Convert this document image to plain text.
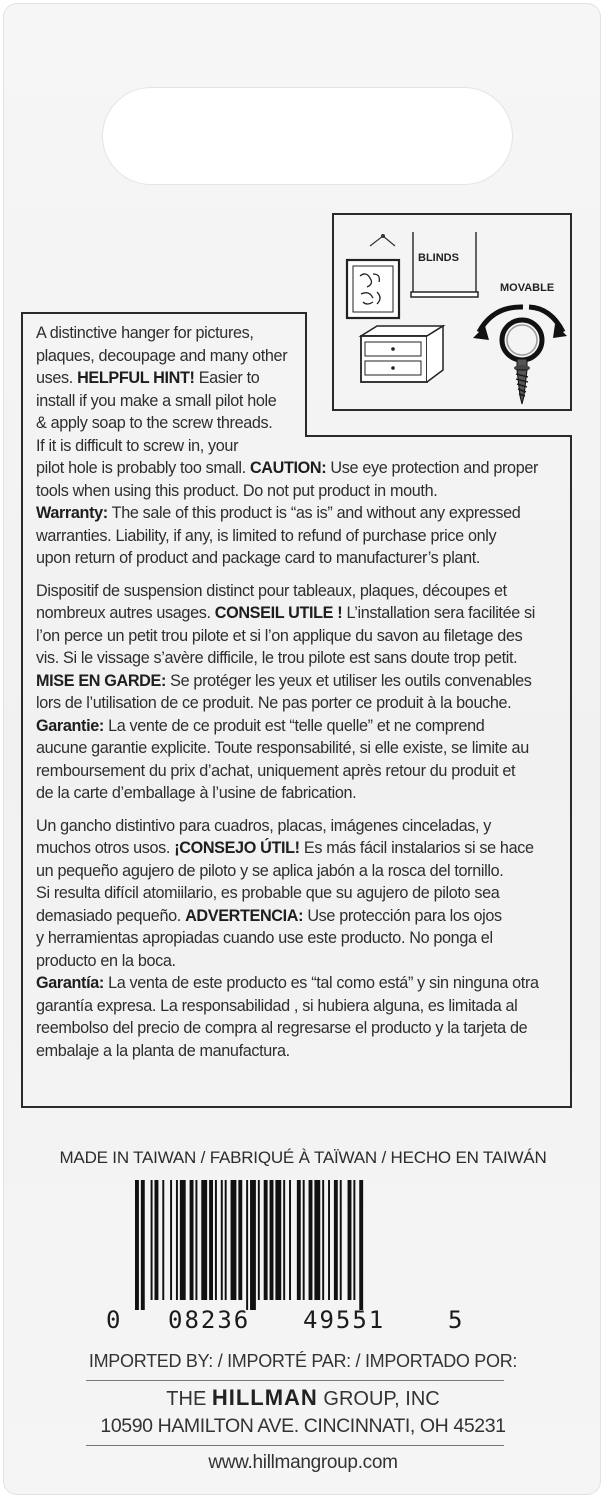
BLINDS
MOVABLE
A distinctive hanger for pictures,
plaques, decoupage and many other
uses. HELPFUL HINT! Easier to
install if you make a small pilot hole
& apply soap to the screw threads.
If it is difficult to screw in, your
pilot hole is probably too small. CAUTION: Use eye protection and proper
tools when using this product. Do not put product in mouth.
Warranty: The sale of this product is “as is” and without any expressed
warranties. Liability, if any, is limited to refund of purchase price only
upon return of product and package card to manufacturer’s plant.
Dispositif de suspension distinct pour tableaux, plaques, découpes et
nombreux autres usages. CONSEIL UTILE ! L’installation sera facilitée si
l’on perce un petit trou pilote et si l’on applique du savon au filetage des
vis. Si le vissage s’avère difficile, le trou pilote est sans doute trop petit.
MISE EN GARDE: Se protéger les yeux et utiliser les outils convenables
lors de l’utilisation de ce produit. Ne pas porter ce produit à la bouche.
Garantie: La vente de ce produit est “telle quelle” et ne comprend
aucune garantie explicite. Toute responsabilité, si elle existe, se limite au
remboursement du prix d’achat, uniquement après retour du produit et
de la carte d’emballage à l’usine de fabrication.
Un gancho distintivo para cuadros, placas, imágenes cinceladas, y
muchos otros usos. ¡CONSEJO ÚTIL! Es más fácil instalarios si se hace
un pequeño agujero de piloto y se aplica jabón a la rosca del tornillo.
Si resulta difícil atomiilario, es probable que su agujero de piloto sea
demasiado pequeño. ADVERTENCIA: Use protección para los ojos
y herramientas apropiadas cuando use este producto. No ponga el
producto en la boca.
Garantía: La venta de este producto es “tal como está” y sin ninguna otra
garantía expresa. La responsabilidad , si hubiera alguna, es limitada al
reembolso del precio de compra al regresarse el producto y la tarjeta de
embalaje a la planta de manufactura.
MADE IN TAIWAN / FABRIQUÉ À TAÏWAN / HECHO EN TAIWÁN
0 08236 49551	5
IMPORTED BY: / IMPORTÉ PAR: / IMPORTADO POR:
THE HILLMAN GROUP, INC
10590 HAMILTON AVE. CINCINNATI, OH 45231
www.hillmangroup.com
